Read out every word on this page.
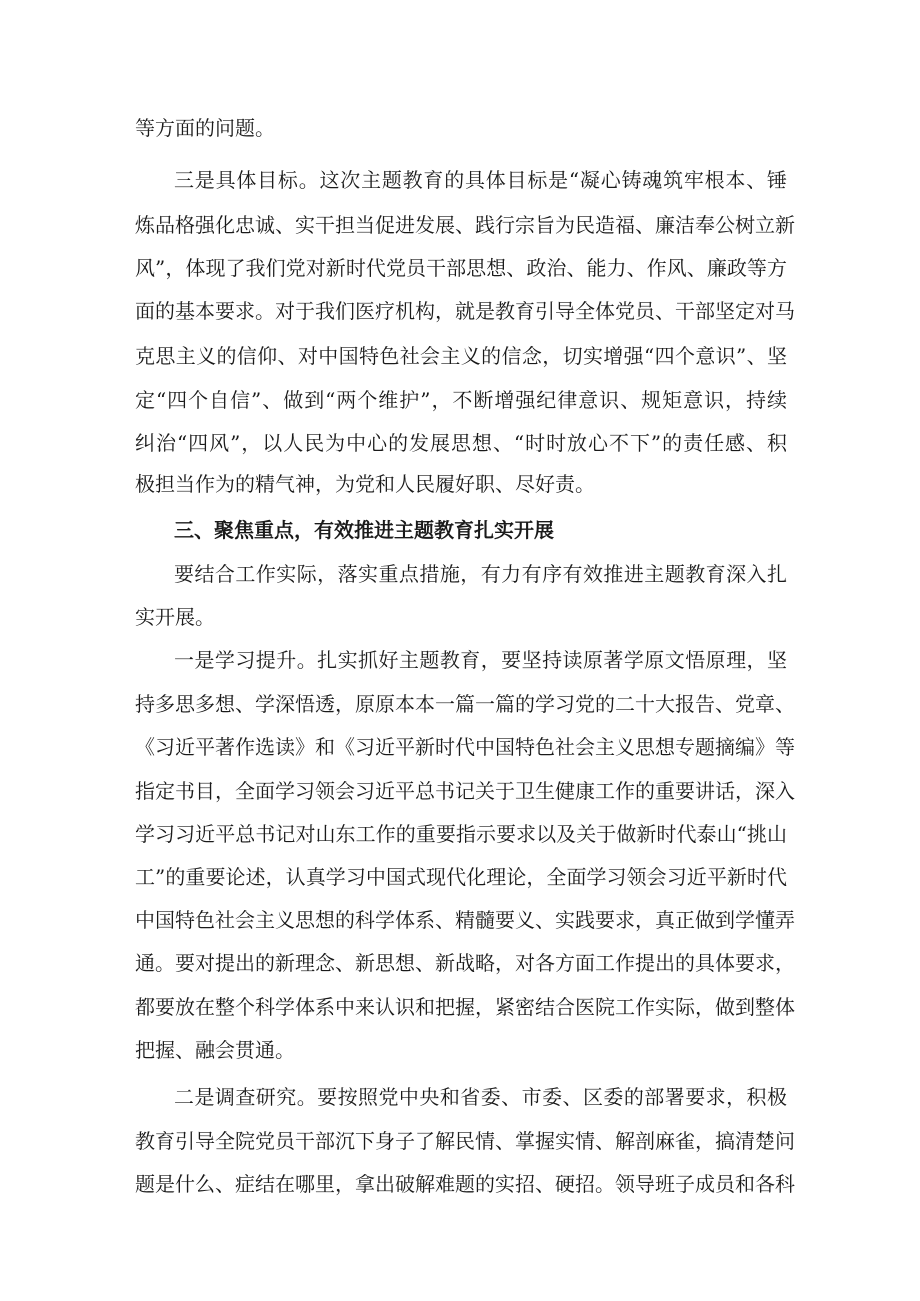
等方面的问题。
三是具体目标。这次主题教育的具体目标是“凝心铸魂筑牢根本、锤
炼品格强化忠诚、实干担当促进发展、践行宗旨为民造福、廉洁奉公树立新
风”，体现了我们党对新时代党员干部思想、政治、能力、作风、廉政等方
面的基本要求。对于我们医疗机构，就是教育引导全体党员、干部坚定对马
克思主义的信仰、对中国特色社会主义的信念，切实增强“四个意识”、坚
定“四个自信”、做到“两个维护”，不断增强纪律意识、规矩意识，持续
纠治“四风”，以人民为中心的发展思想、“时时放心不下”的责任感、积
极担当作为的精气神，为党和人民履好职、尽好责。
三、聚焦重点，有效推进主题教育扎实开展
要结合工作实际，落实重点措施，有力有序有效推进主题教育深入扎
实开展。
一是学习提升。扎实抓好主题教育，要坚持读原著学原文悟原理，坚
持多思多想、学深悟透，原原本本一篇一篇的学习党的二十大报告、党章、
《习近平著作选读》和《习近平新时代中国特色社会主义思想专题摘编》等
指定书目，全面学习领会习近平总书记关于卫生健康工作的重要讲话，深入
学习习近平总书记对山东工作的重要指示要求以及关于做新时代泰山“挑山
工”的重要论述，认真学习中国式现代化理论，全面学习领会习近平新时代
中国特色社会主义思想的科学体系、精髓要义、实践要求，真正做到学懂弄
通。要对提出的新理念、新思想、新战略，对各方面工作提出的具体要求，
都要放在整个科学体系中来认识和把握，紧密结合医院工作实际，做到整体
把握、融会贯通。
二是调查研究。要按照党中央和省委、市委、区委的部署要求，积极
教育引导全院党员干部沉下身子了解民情、掌握实情、解剖麻雀，搞清楚问
题是什么、症结在哪里，拿出破解难题的实招、硬招。领导班子成员和各科
